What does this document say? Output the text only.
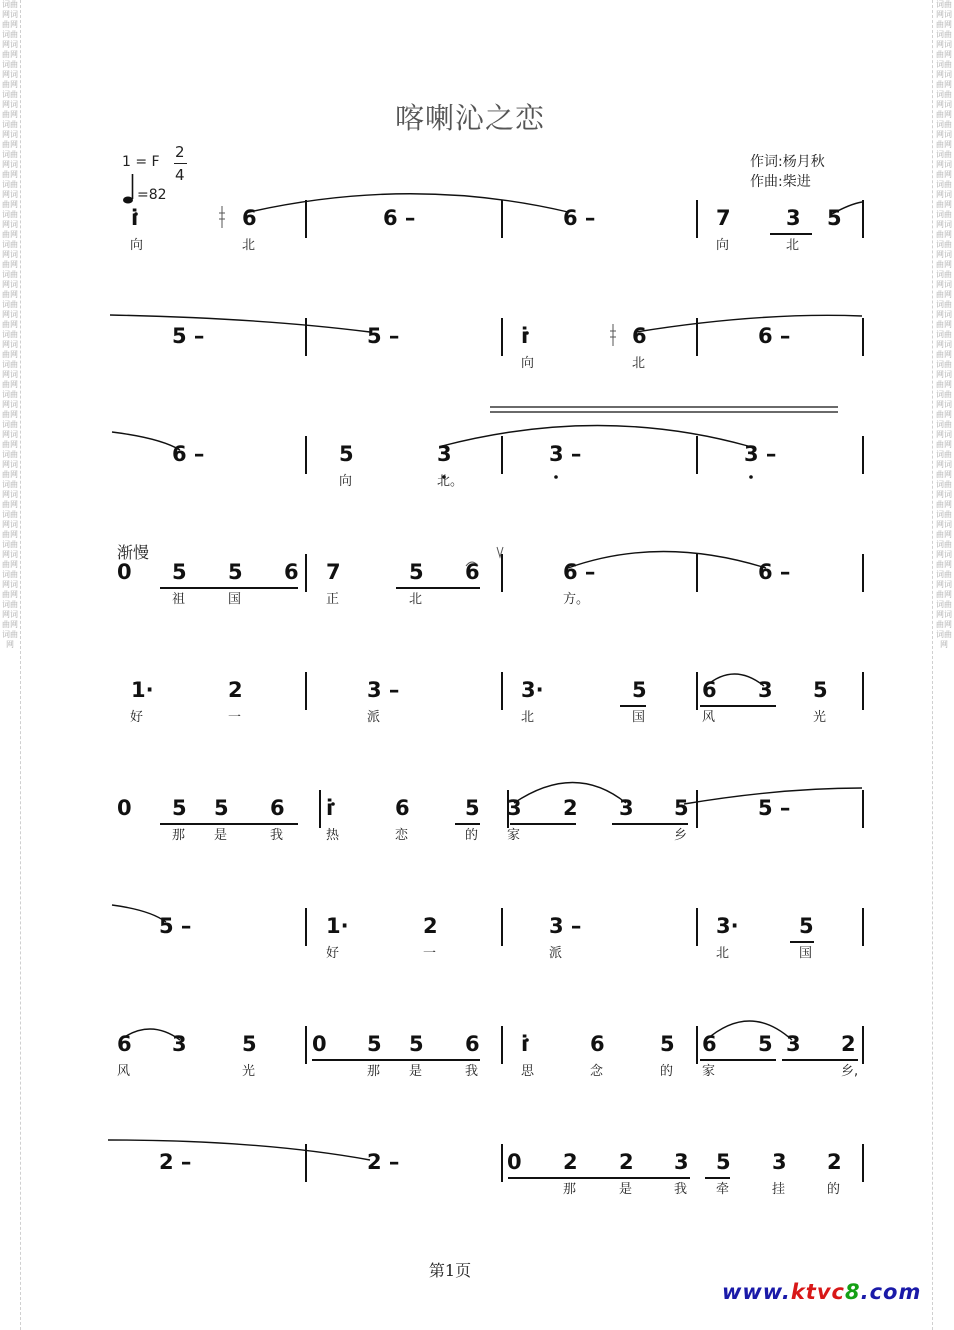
词曲网词曲网词曲网词曲网词曲网词曲网词曲网词曲网词曲网词曲网词曲网词曲网词曲网词曲网词曲网词曲网词曲网词曲网词曲网词曲网词曲网词曲网词曲网词曲网词曲网词曲网词曲网词曲网词曲网词曲网词曲网词曲网词曲网词曲网词曲网词曲网词曲网词曲网词曲网词曲网词曲网词曲网词曲网
词曲网词曲网词曲网词曲网词曲网词曲网词曲网词曲网词曲网词曲网词曲网词曲网词曲网词曲网词曲网词曲网词曲网词曲网词曲网词曲网词曲网词曲网词曲网词曲网词曲网词曲网词曲网词曲网词曲网词曲网词曲网词曲网词曲网词曲网词曲网词曲网词曲网词曲网词曲网词曲网词曲网词曲网词曲网
喀喇沁之恋
1 = F
2
4
=82
作词:杨月秋
作曲:柴进
渐慢
i	6	6 –	6 –	7	3 5
向	北	向	北
5 –	5 –	i	6	6 –
向	北
6 –	5	3	3 –	3 –
向	北。
0 5 5 6 7	5 6	6 –	6 –
祖	国	正	北	方。
1·	2	3 –	3·	5	6 3 5
好	一	派	北	国	风	光
0 5 5 6 i	6	5 3 2 3 5	5 –
那 是	我	热	恋	的 家	乡
5 –	1·	2	3 –	3·	5
好	一	派	北	国
6 3	5	0 5 5 6 i	6	5 6 5 3 2
风	光	那 是	我	思	念	的 家	乡,
2 –	2 –	0 2 2 3 5 3 2
那	是	我 牵	挂	的
第1页
www.ktvc8.com
